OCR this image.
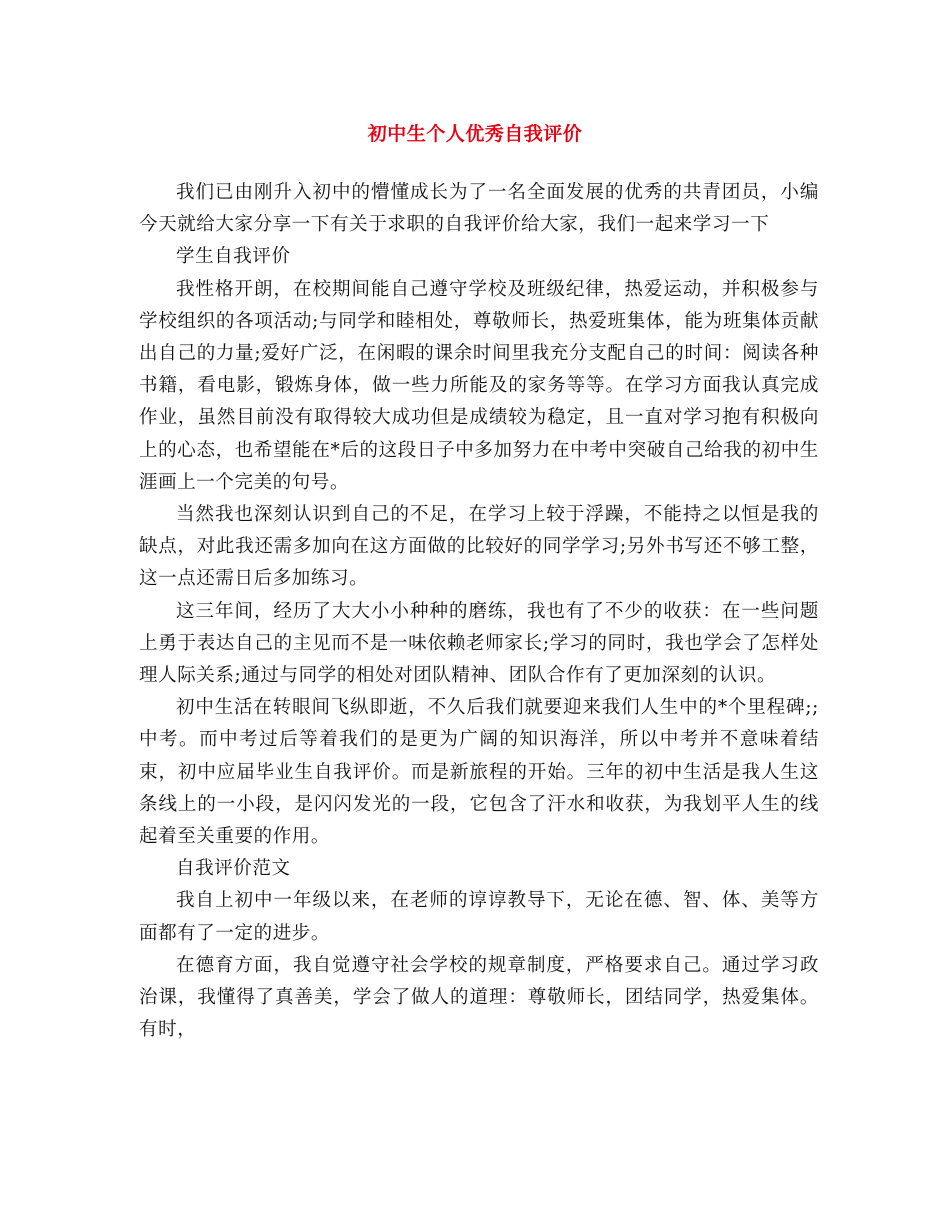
初中生个人优秀自我评价

我们已由刚升入初中的懵懂成长为了一名全面发展的优秀的共青团员，小编今天就给大家分享一下有关于求职的自我评价给大家，我们一起来学习一下

学生自我评价

我性格开朗，在校期间能自己遵守学校及班级纪律，热爱运动，并积极参与学校组织的各项活动;与同学和睦相处，尊敬师长，热爱班集体，能为班集体贡献出自己的力量;爱好广泛，在闲暇的课余时间里我充分支配自己的时间：阅读各种书籍，看电影，锻炼身体，做一些力所能及的家务等等。在学习方面我认真完成作业，虽然目前没有取得较大成功但是成绩较为稳定，且一直对学习抱有积极向上的心态，也希望能在*后的这段日子中多加努力在中考中突破自己给我的初中生涯画上一个完美的句号。

当然我也深刻认识到自己的不足，在学习上较于浮躁，不能持之以恒是我的缺点，对此我还需多加向在这方面做的比较好的同学学习;另外书写还不够工整，这一点还需日后多加练习。

这三年间，经历了大大小小种种的磨练，我也有了不少的收获：在一些问题上勇于表达自己的主见而不是一味依赖老师家长;学习的同时，我也学会了怎样处理人际关系;通过与同学的相处对团队精神、团队合作有了更加深刻的认识。

初中生活在转眼间飞纵即逝，不久后我们就要迎来我们人生中的*个里程碑;;中考。而中考过后等着我们的是更为广阔的知识海洋，所以中考并不意味着结束，初中应届毕业生自我评价。而是新旅程的开始。三年的初中生活是我人生这条线上的一小段，是闪闪发光的一段，它包含了汗水和收获，为我划平人生的线起着至关重要的作用。

自我评价范文

我自上初中一年级以来，在老师的谆谆教导下，无论在德、智、体、美等方面都有了一定的进步。

在德育方面，我自觉遵守社会学校的规章制度，严格要求自己。通过学习政治课，我懂得了真善美，学会了做人的道理：尊敬师长，团结同学，热爱集体。有时，
